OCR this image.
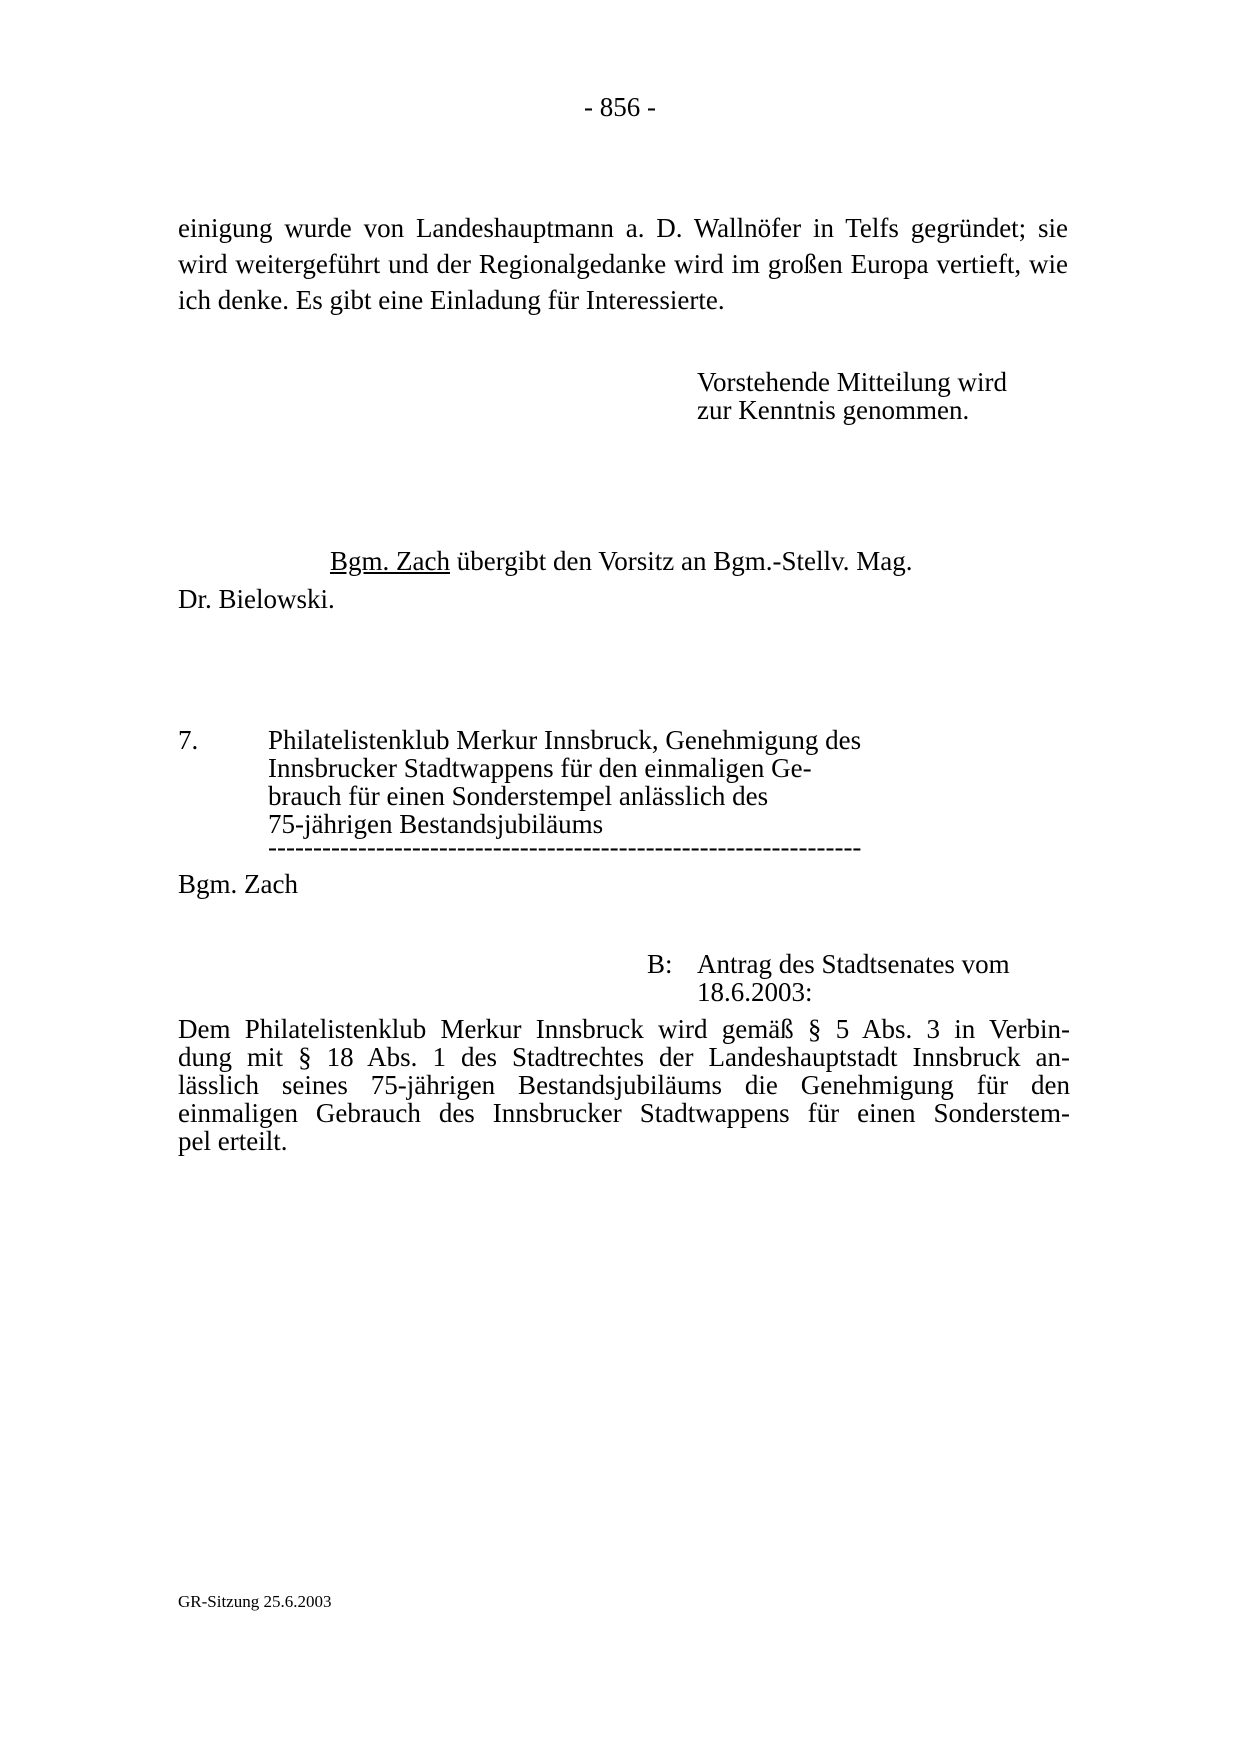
- 856 -

einigung wurde von Landeshauptmann a. D. Wallnöfer in Telfs gegründet; sie wird weitergeführt und der Regionalgedanke wird im großen Europa vertieft, wie ich denke. Es gibt eine Einladung für Interessierte.

Vorstehende Mitteilung wird
zur Kenntnis genommen.
Bgm. Zach übergibt den Vorsitz an Bgm.-Stellv. Mag.
Dr. Bielowski.
7.	Philatelistenklub Merkur Innsbruck, Genehmigung des
Innsbrucker Stadtwappens für den einmaligen Ge-
brauch für einen Sonderstempel anlässlich des
75-jährigen Bestandsjubiläums
------------------------------------------------------------------
Bgm. Zach
B: Antrag des Stadtsenates vom
18.6.2003:
Dem Philatelistenklub Merkur Innsbruck wird gemäß § 5 Abs. 3 in Verbin-
dung mit § 18 Abs. 1 des Stadtrechtes der Landeshauptstadt Innsbruck an-
lässlich seines 75-jährigen Bestandsjubiläums die Genehmigung für den
einmaligen Gebrauch des Innsbrucker Stadtwappens für einen Sonderstem-
pel erteilt.
GR-Sitzung 25.6.2003
